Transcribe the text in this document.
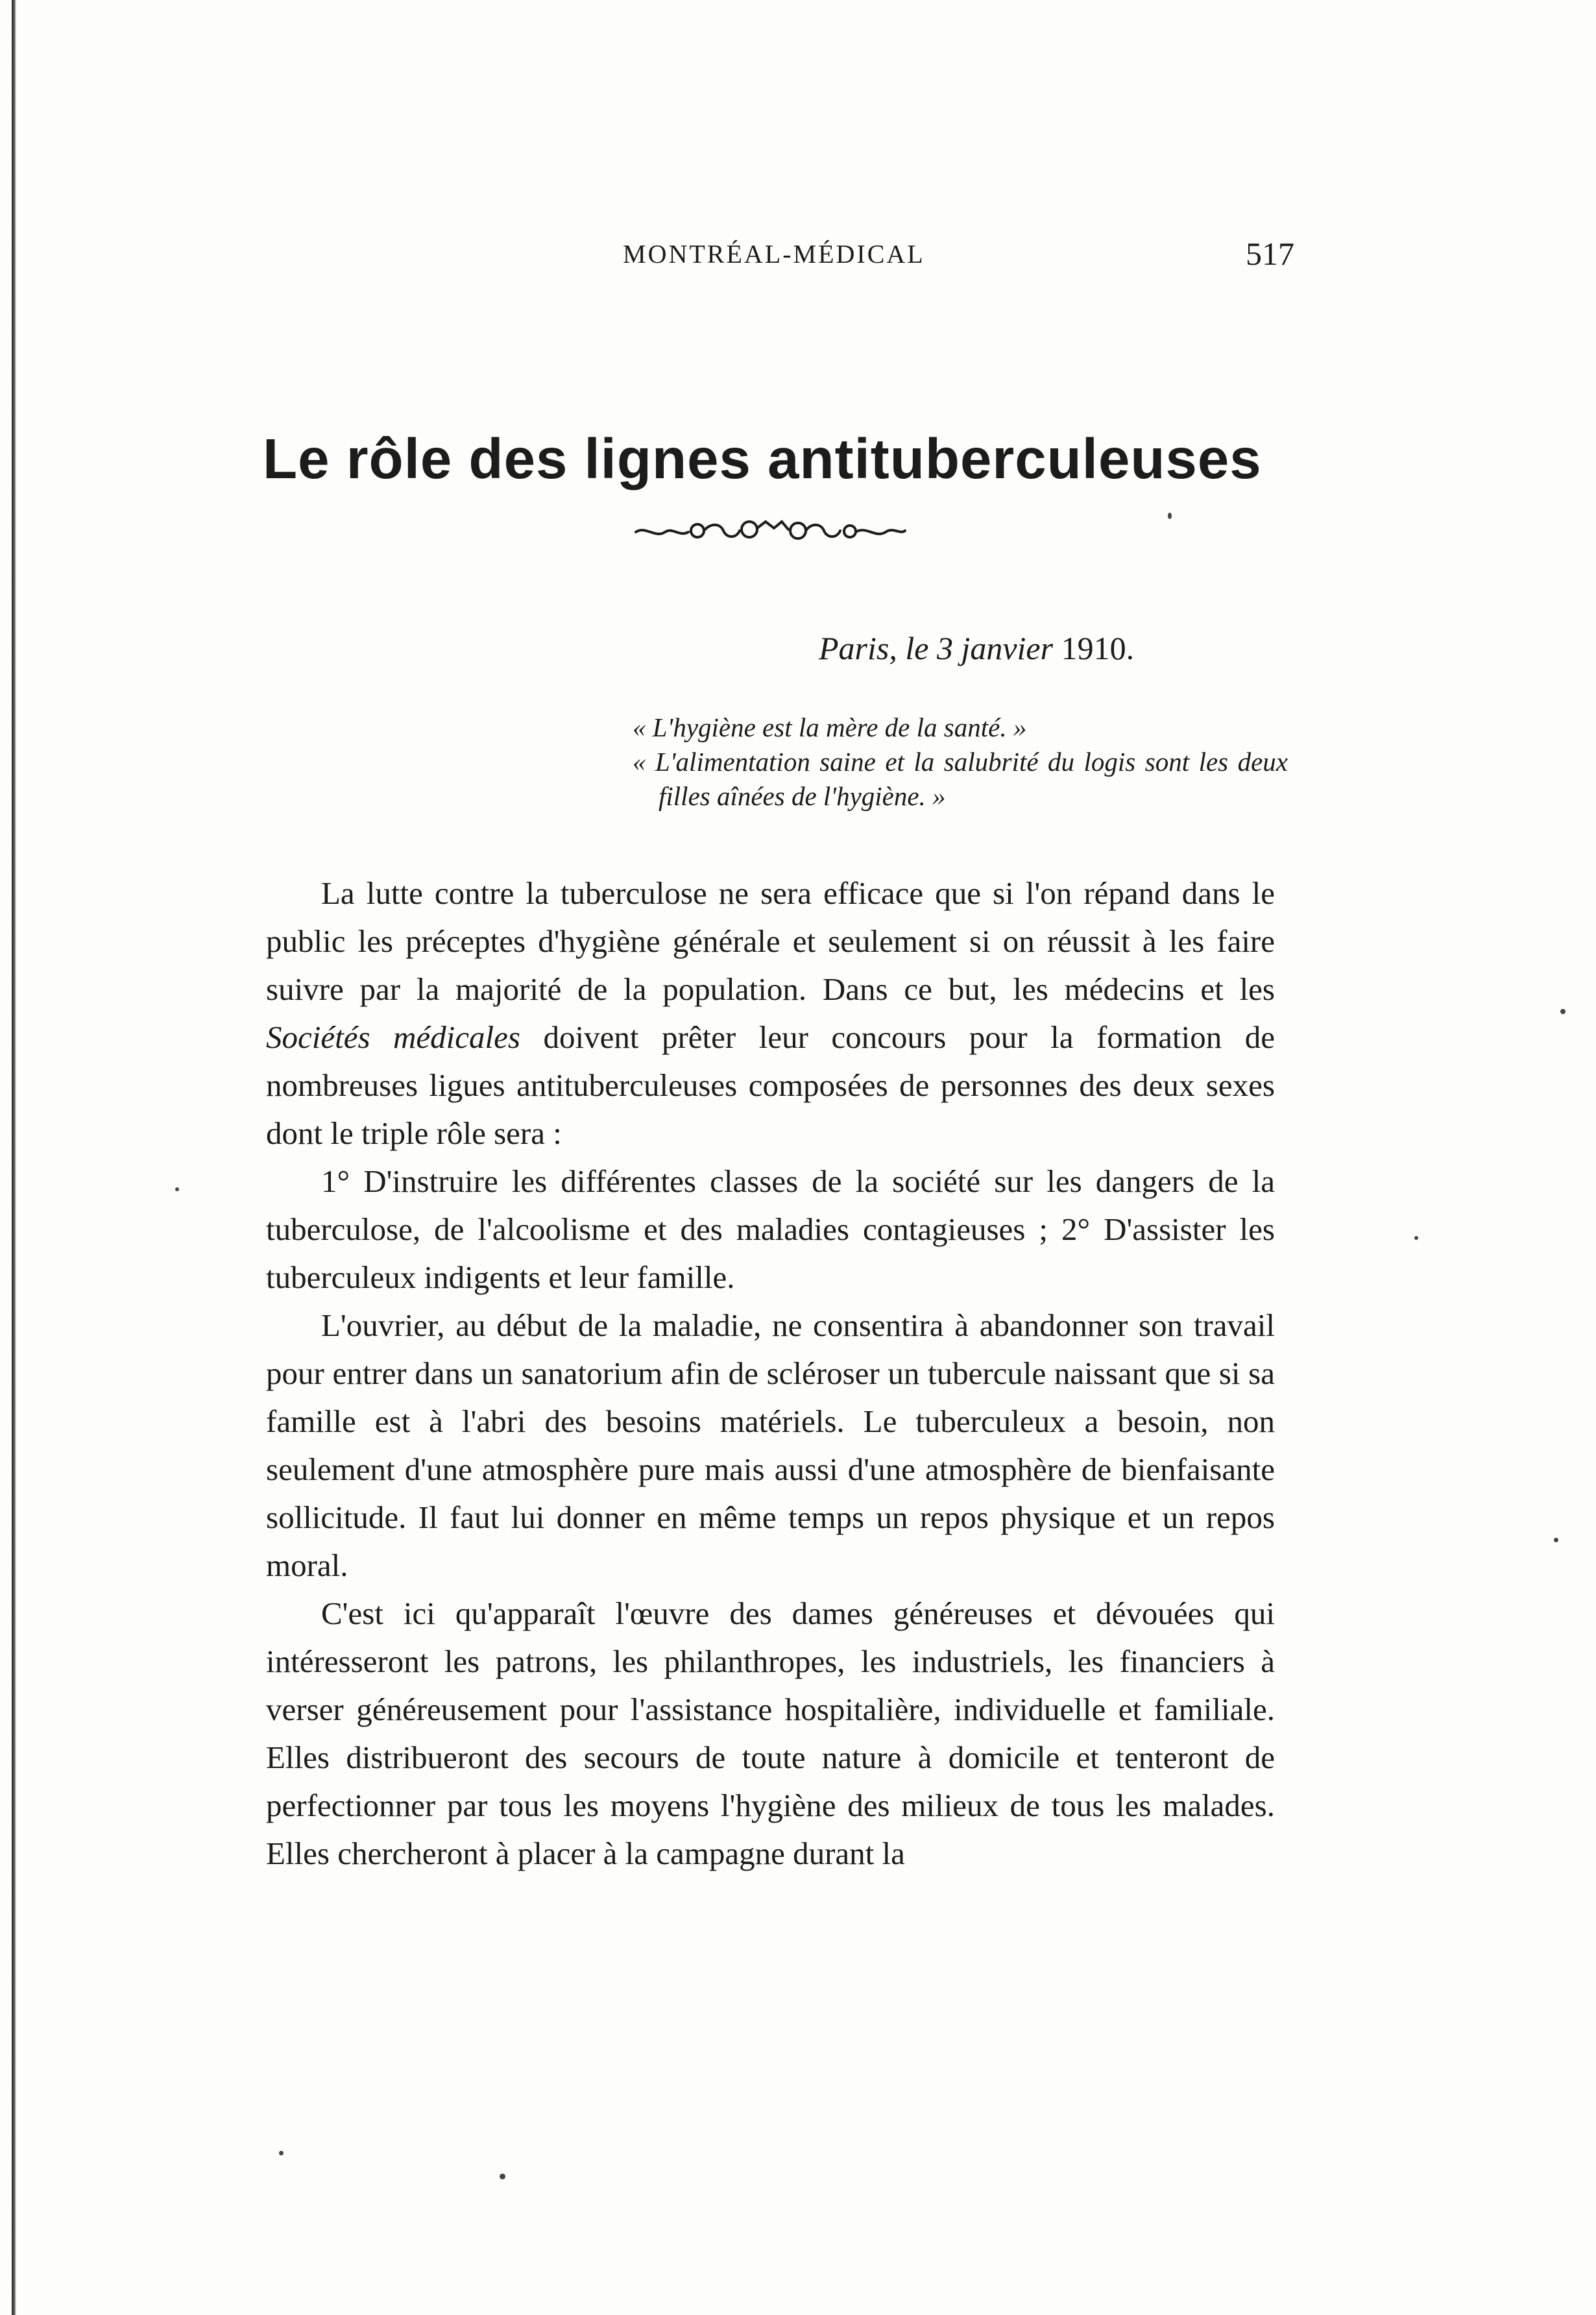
MONTRÉAL-MÉDICAL	517
Le rôle des lignes antituberculeuses
Paris, le 3 janvier 1910.

« L'hygiène est la mère de la santé. »

« L'alimentation saine et la salubrité du logis sont les deux filles aînées de l'hygiène. »

La lutte contre la tuberculose ne sera efficace que si l'on répand dans le public les préceptes d'hygiène générale et seulement si on réussit à les faire suivre par la majorité de la population. Dans ce but, les médecins et les Sociétés médicales doivent prêter leur concours pour la formation de nombreuses ligues antituberculeuses composées de personnes des deux sexes dont le triple rôle sera :

1° D'instruire les différentes classes de la société sur les dangers de la tuberculose, de l'alcoolisme et des maladies contagieuses ; 2° D'assister les tuberculeux indigents et leur famille.

L'ouvrier, au début de la maladie, ne consentira à abandonner son travail pour entrer dans un sanatorium afin de scléroser un tubercule naissant que si sa famille est à l'abri des besoins matériels. Le tuberculeux a besoin, non seulement d'une atmosphère pure mais aussi d'une atmosphère de bienfaisante sollicitude. Il faut lui donner en même temps un repos physique et un repos moral.

C'est ici qu'apparaît l'œuvre des dames généreuses et dévouées qui intéresseront les patrons, les philanthropes, les industriels, les financiers à verser généreusement pour l'assistance hospitalière, individuelle et familiale. Elles distribueront des secours de toute nature à domicile et tenteront de perfectionner par tous les moyens l'hygiène des milieux de tous les malades. Elles chercheront à placer à la campagne durant la
